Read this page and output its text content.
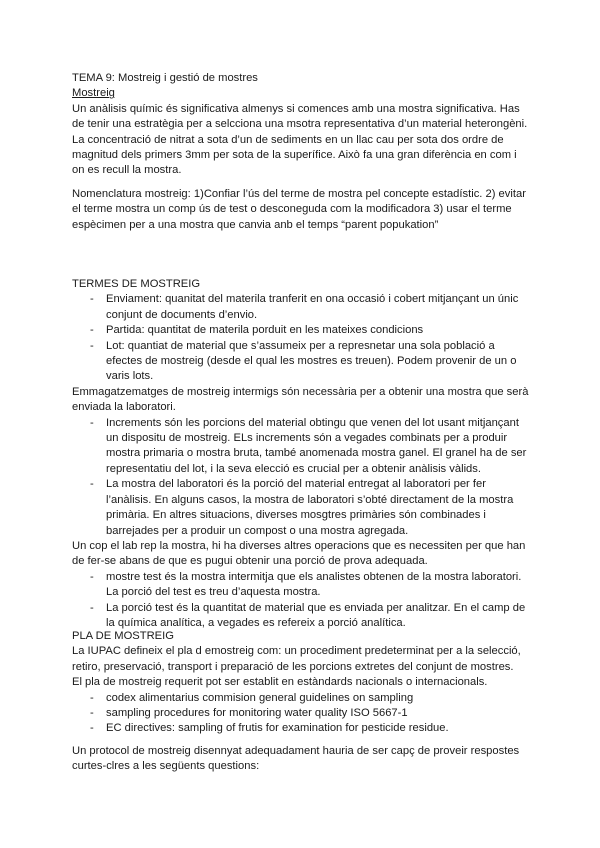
TEMA 9: Mostreig i gestió de mostres

Mostreig

Un anàlisis químic és significativa almenys si comences amb una mostra significativa. Has de tenir una estratègia per a selcciona una msotra representativa d’un material heterongèni. La concentració de nitrat a sota d’un de sediments en un llac cau per sota dos ordre de magnitud dels primers 3mm per sota de la superífice. Això fa una gran diferència en com i on es recull la mostra.

Nomenclatura mostreig: 1)Confiar l’ús del terme de mostra pel concepte estadístic. 2) evitar el terme mostra un comp ús de test o desconeguda com la modificadora 3) usar el terme espècimen per a una mostra que canvia anb el temps “parent popukation”

TERMES DE MOSTREIG

- Enviament: quanitat del materila tranferit en ona occasió i cobert mitjançant un únic conjunt de documents d’envio.
- Partida: quantitat de materila porduit en les mateixes condicions
- Lot: quantiat de material que s’assumeix per a represnetar una sola població a efectes de mostreig (desde el qual les mostres es treuen). Podem provenir de un o varis lots.

Emmagatzematges de mostreig intermigs són necessària per a obtenir una mostra que serà enviada la laboratori.

- Increments són les porcions del material obtingu que venen del lot usant mitjançant un dispositu de mostreig. ELs increments són a vegades combinats per a produir mostra primaria o mostra bruta, també anomenada mostra ganel. El granel ha de ser representatiu del lot, i la seva elecció es crucial per a obtenir anàlisis vàlids.
- La mostra del laboratori és la porció del material entregat al laboratori per fer l’anàlisis. En alguns casos, la mostra de laboratori s’obté directament de la mostra primària. En altres situacions, diverses mosgtres primàries són combinades i barrejades per a produir un compost o una mostra agregada.

Un cop el lab rep la mostra, hi ha diverses altres operacions que es necessiten per que han de fer-se abans de que es pugui obtenir una porció de prova adequada.

- mostre test és la mostra intermitja que els analistes obtenen de la mostra laboratori. La porció del test es treu d’aquesta mostra.
- La porció test és la quantitat de material que es enviada per analitzar. En el camp de la química analítica, a vegades es refereix a porció analítica.

PLA DE MOSTREIG

La IUPAC defineix el pla d emostreig com: un procediment predeterminat per a la selecció, retiro, preservació, transport i preparació de les porcions extretes del conjunt de mostres.

El pla de mostreig requerit pot ser establit en estàndards nacionals o internacionals.

- codex alimentarius commision general guidelines on sampling
- sampling procedures for monitoring water quality ISO 5667-1
- EC directives: sampling of frutis for examination for pesticide residue.

Un protocol de mostreig disennyat adequadament hauria de ser capç de proveir respostes curtes-clres a les següents questions:
